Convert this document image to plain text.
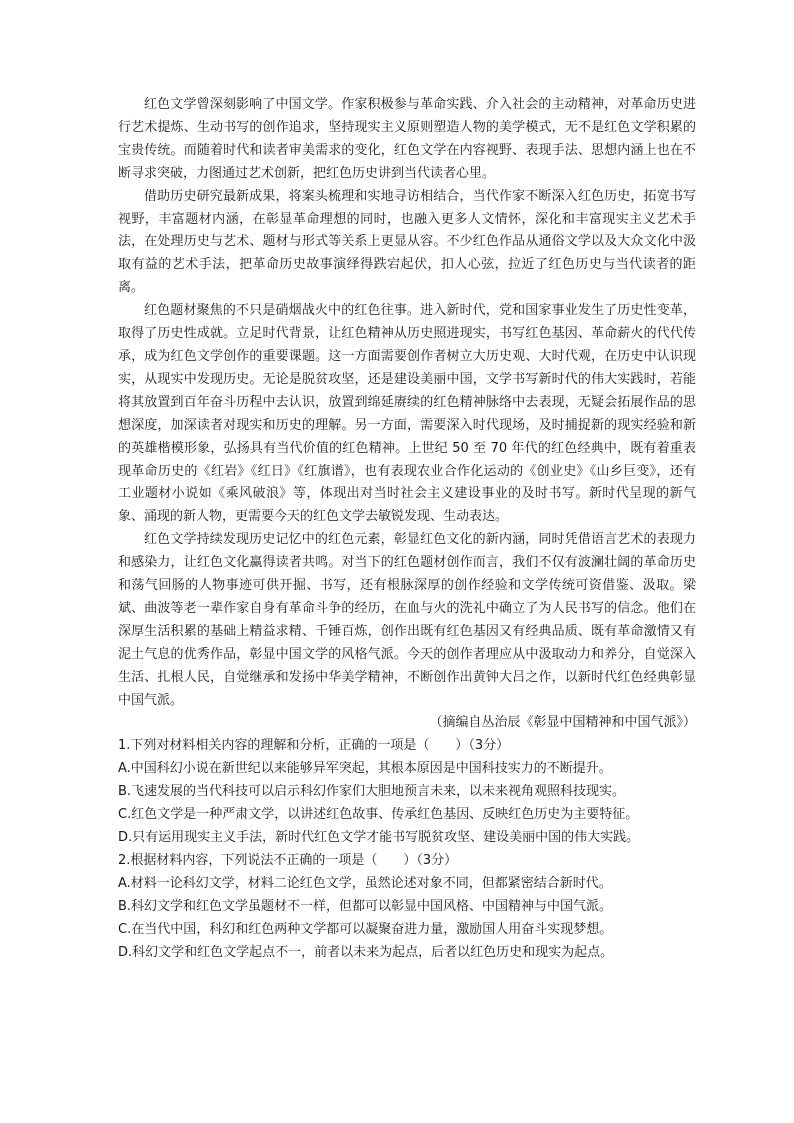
红色文学曾深刻影响了中国文学。作家积极参与革命实践、介入社会的主动精神，对革命历史进行艺术提炼、生动书写的创作追求，坚持现实主义原则塑造人物的美学模式，无不是红色文学积累的宝贵传统。而随着时代和读者审美需求的变化，红色文学在内容视野、表现手法、思想内涵上也在不断寻求突破，力图通过艺术创新，把红色历史讲到当代读者心里。

借助历史研究最新成果，将案头梳理和实地寻访相结合，当代作家不断深入红色历史，拓宽书写视野，丰富题材内涵，在彰显革命理想的同时，也融入更多人文情怀，深化和丰富现实主义艺术手法，在处理历史与艺术、题材与形式等关系上更显从容。不少红色作品从通俗文学以及大众文化中汲取有益的艺术手法，把革命历史故事演绎得跌宕起伏，扣人心弦，拉近了红色历史与当代读者的距离。

红色题材聚焦的不只是硝烟战火中的红色往事。进入新时代，党和国家事业发生了历史性变革，取得了历史性成就。立足时代背景，让红色精神从历史照进现实，书写红色基因、革命薪火的代代传承，成为红色文学创作的重要课题。这一方面需要创作者树立大历史观、大时代观，在历史中认识现实，从现实中发现历史。无论是脱贫攻坚，还是建设美丽中国，文学书写新时代的伟大实践时，若能将其放置到百年奋斗历程中去认识，放置到绵延赓续的红色精神脉络中去表现，无疑会拓展作品的思想深度，加深读者对现实和历史的理解。另一方面，需要深入时代现场，及时捕捉新的现实经验和新的英雄楷模形象，弘扬具有当代价值的红色精神。上世纪 50 至 70 年代的红色经典中，既有着重表现革命历史的《红岩》《红日》《红旗谱》，也有表现农业合作化运动的《创业史》《山乡巨变》，还有工业题材小说如《乘风破浪》等，体现出对当时社会主义建设事业的及时书写。新时代呈现的新气象、涌现的新人物，更需要今天的红色文学去敏锐发现、生动表达。

红色文学持续发现历史记忆中的红色元素，彰显红色文化的新内涵，同时凭借语言艺术的表现力和感染力，让红色文化赢得读者共鸣。对当下的红色题材创作而言，我们不仅有波澜壮阔的革命历史和荡气回肠的人物事迹可供开掘、书写，还有根脉深厚的创作经验和文学传统可资借鉴、汲取。梁斌、曲波等老一辈作家自身有革命斗争的经历，在血与火的洗礼中确立了为人民书写的信念。他们在深厚生活积累的基础上精益求精、千锤百炼，创作出既有红色基因又有经典品质、既有革命激情又有泥土气息的优秀作品，彰显中国文学的风格气派。今天的创作者理应从中汲取动力和养分，自觉深入生活、扎根人民，自觉继承和发扬中华美学精神，不断创作出黄钟大吕之作，以新时代红色经典彰显中国气派。

（摘编自丛治辰《彰显中国精神和中国气派》）

1.下列对材料相关内容的理解和分析，正确的一项是（　　）（3分）

A.中国科幻小说在新世纪以来能够异军突起，其根本原因是中国科技实力的不断提升。

B.飞速发展的当代科技可以启示科幻作家们大胆地预言未来，以未来视角观照科技现实。

C.红色文学是一种严肃文学，以讲述红色故事、传承红色基因、反映红色历史为主要特征。

D.只有运用现实主义手法，新时代红色文学才能书写脱贫攻坚、建设美丽中国的伟大实践。

2.根据材料内容，下列说法不正确的一项是（　　）（3分）

A.材料一论科幻文学，材料二论红色文学，虽然论述对象不同，但都紧密结合新时代。

B.科幻文学和红色文学虽题材不一样，但都可以彰显中国风格、中国精神与中国气派。

C.在当代中国，科幻和红色两种文学都可以凝聚奋进力量，激励国人用奋斗实现梦想。

D.科幻文学和红色文学起点不一，前者以未来为起点，后者以红色历史和现实为起点。
